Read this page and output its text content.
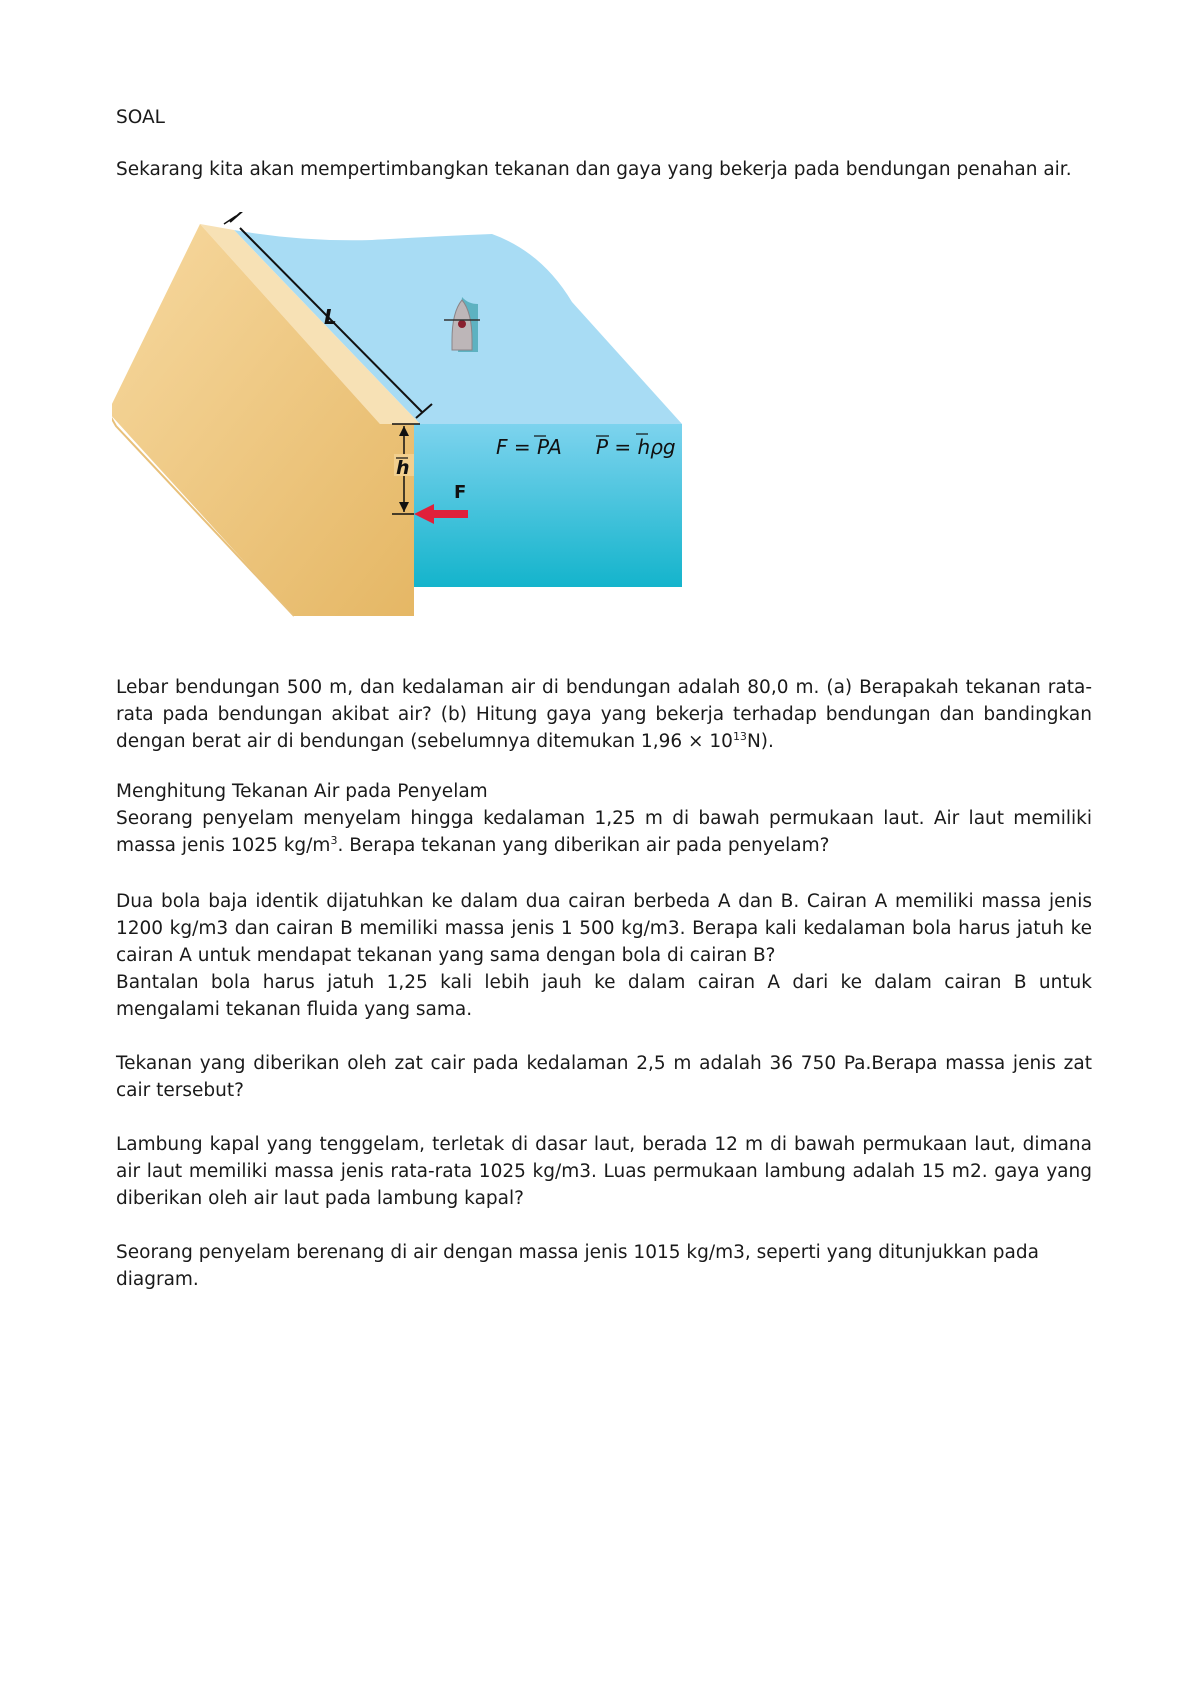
SOAL

Sekarang kita akan mempertimbangkan tekanan dan gaya yang bekerja pada bendungan penahan air.

L
h
F
F = PA P = hρg

Lebar bendungan 500 m, dan kedalaman air di bendungan adalah 80,0 m. (a) Berapakah tekanan rata-rata pada bendungan akibat air? (b) Hitung gaya yang bekerja terhadap bendungan dan bandingkan dengan berat air di bendungan (sebelumnya ditemukan $1,96 \times 10^{13}N$).

Menghitung Tekanan Air pada Penyelam

Seorang penyelam menyelam hingga kedalaman 1,25 m di bawah permukaan laut. Air laut memiliki massa jenis 1025 $kg/m^3$. Berapa tekanan yang diberikan air pada penyelam?

Dua bola baja identik dijatuhkan ke dalam dua cairan berbeda A dan B. Cairan A memiliki massa jenis 1200 kg/m3 dan cairan B memiliki massa jenis 1 500 kg/m3. Berapa kali kedalaman bola harus jatuh ke cairan A untuk mendapat tekanan yang sama dengan bola di cairan B?

Bantalan bola harus jatuh 1,25 kali lebih jauh ke dalam cairan A dari ke dalam cairan B untuk mengalami tekanan fluida yang sama.

Tekanan yang diberikan oleh zat cair pada kedalaman 2,5 m adalah 36 750 Pa.Berapa massa jenis zat cair tersebut?

Lambung kapal yang tenggelam, terletak di dasar laut, berada 12 m di bawah permukaan laut, dimana air laut memiliki massa jenis rata-rata 1025 kg/m3. Luas permukaan lambung adalah 15 m2. gaya yang diberikan oleh air laut pada lambung kapal?

Seorang penyelam berenang di air dengan massa jenis 1015 kg/m3, seperti yang ditunjukkan pada diagram.
